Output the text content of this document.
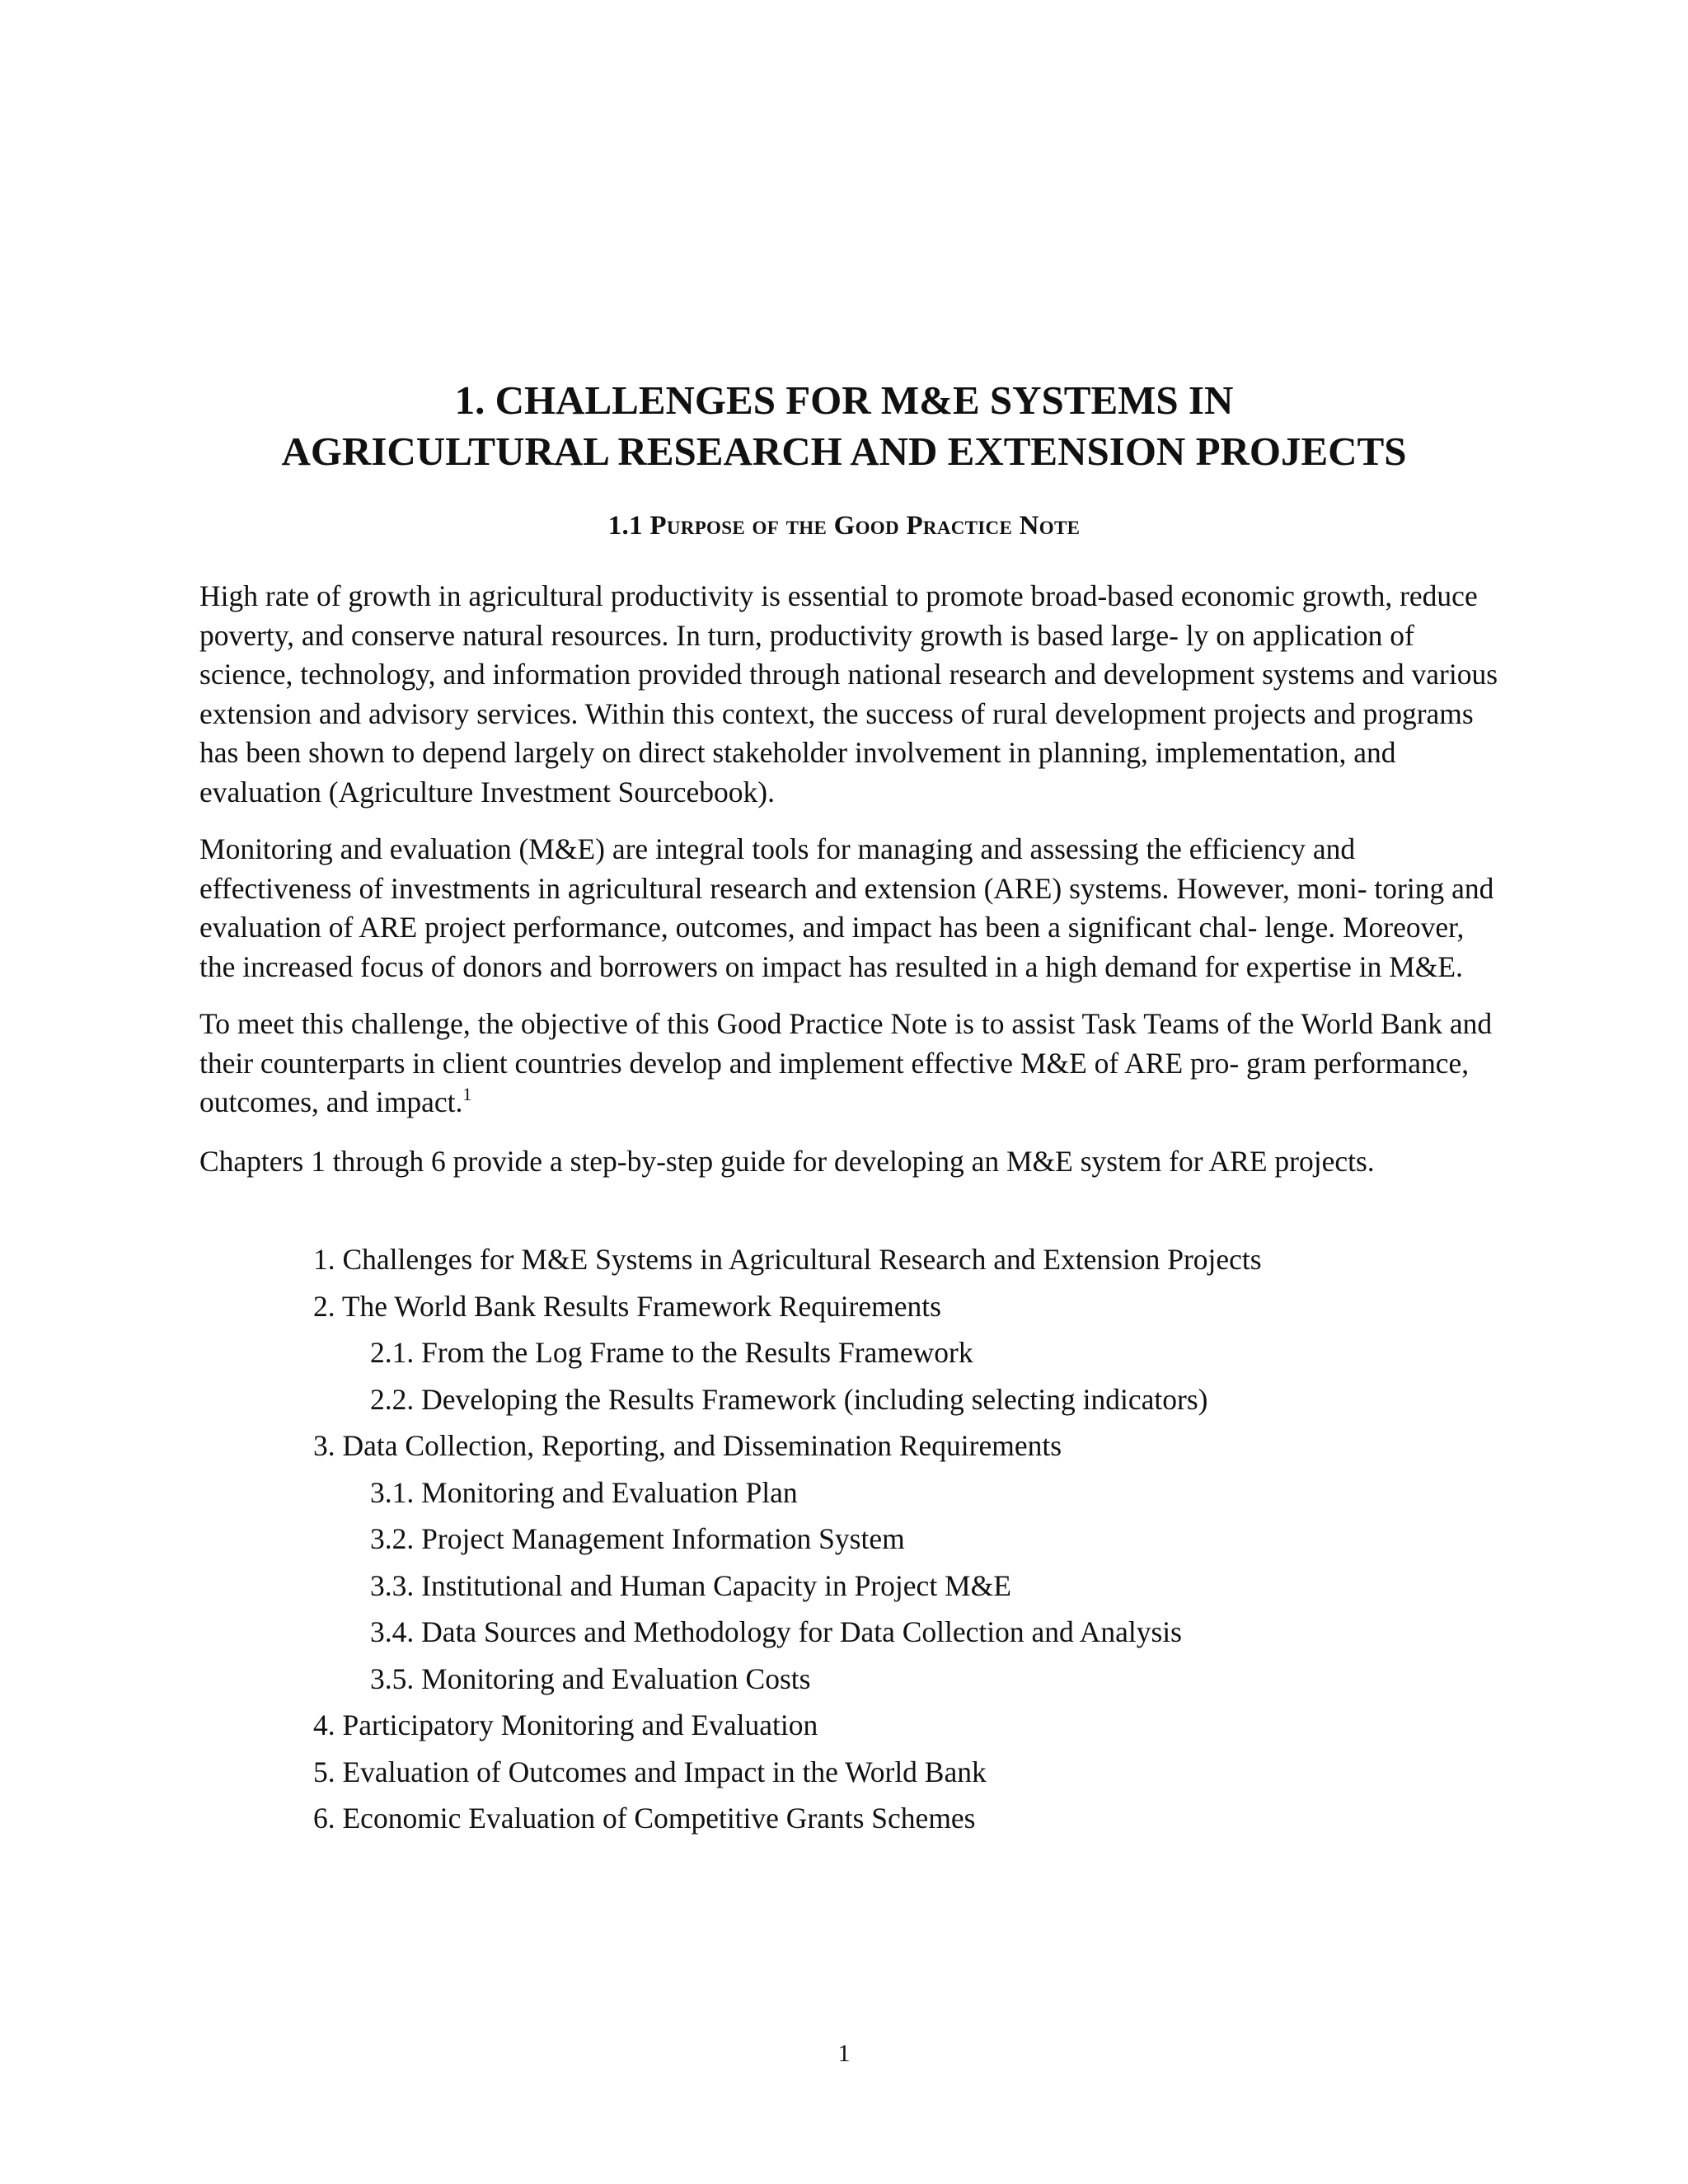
1. CHALLENGES FOR M&E SYSTEMS IN
AGRICULTURAL RESEARCH AND EXTENSION PROJECTS
1.1 Purpose of the Good Practice Note

High rate of growth in agricultural productivity is essential to promote broad-based economic growth, reduce poverty, and conserve natural resources. In turn, productivity growth is based large- ly on application of science, technology, and information provided through national research and development systems and various extension and advisory services. Within this context, the success of rural development projects and programs has been shown to depend largely on direct stakeholder involvement in planning, implementation, and evaluation (Agriculture Investment Sourcebook).

Monitoring and evaluation (M&E) are integral tools for managing and assessing the efficiency and effectiveness of investments in agricultural research and extension (ARE) systems. However, moni- toring and evaluation of ARE project performance, outcomes, and impact has been a significant chal- lenge. Moreover, the increased focus of donors and borrowers on impact has resulted in a high demand for expertise in M&E.

To meet this challenge, the objective of this Good Practice Note is to assist Task Teams of the World Bank and their counterparts in client countries develop and implement effective M&E of ARE pro- gram performance, outcomes, and impact.$^1$

Chapters 1 through 6 provide a step-by-step guide for developing an M&E system for ARE projects.

1. Challenges for M&E Systems in Agricultural Research and Extension Projects
2. The World Bank Results Framework Requirements
2.1. From the Log Frame to the Results Framework
2.2. Developing the Results Framework (including selecting indicators)
3. Data Collection, Reporting, and Dissemination Requirements
3.1. Monitoring and Evaluation Plan
3.2. Project Management Information System
3.3. Institutional and Human Capacity in Project M&E
3.4. Data Sources and Methodology for Data Collection and Analysis
3.5. Monitoring and Evaluation Costs
4. Participatory Monitoring and Evaluation
5. Evaluation of Outcomes and Impact in the World Bank
6. Economic Evaluation of Competitive Grants Schemes
1
